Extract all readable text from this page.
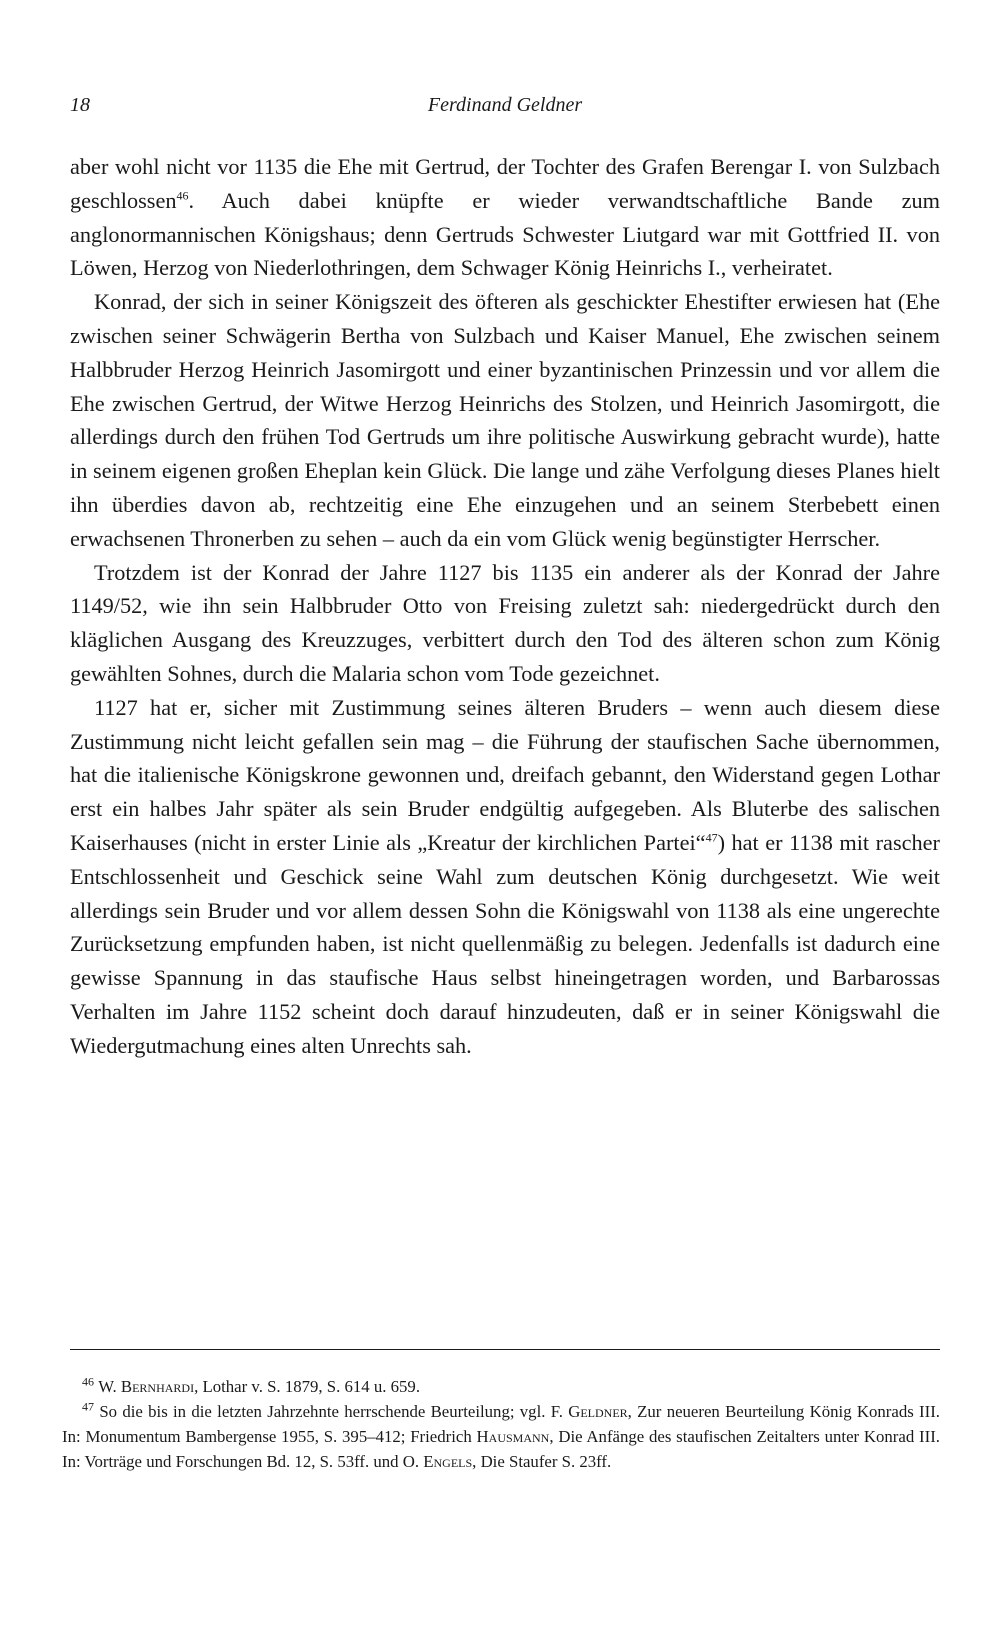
18	Ferdinand Geldner

aber wohl nicht vor 1135 die Ehe mit Gertrud, der Tochter des Grafen Berengar I. von Sulzbach geschlossen$^{46}$. Auch dabei knüpfte er wieder verwandtschaftliche Bande zum anglonormannischen Königshaus; denn Gertruds Schwester Liutgard war mit Gottfried II. von Löwen, Herzog von Niederlothringen, dem Schwager König Heinrichs I., verheiratet.

Konrad, der sich in seiner Königszeit des öfteren als geschickter Ehestifter erwiesen hat (Ehe zwischen seiner Schwägerin Bertha von Sulzbach und Kaiser Manuel, Ehe zwischen seinem Halbbruder Herzog Heinrich Jasomirgott und einer byzantinischen Prinzessin und vor allem die Ehe zwischen Gertrud, der Witwe Herzog Heinrichs des Stolzen, und Heinrich Jasomirgott, die allerdings durch den frühen Tod Gertruds um ihre politische Auswirkung gebracht wurde), hatte in seinem eigenen großen Eheplan kein Glück. Die lange und zähe Verfolgung dieses Planes hielt ihn überdies davon ab, rechtzeitig eine Ehe einzugehen und an seinem Sterbebett einen erwachsenen Thronerben zu sehen – auch da ein vom Glück wenig begünstigter Herrscher.

Trotzdem ist der Konrad der Jahre 1127 bis 1135 ein anderer als der Konrad der Jahre 1149/52, wie ihn sein Halbbruder Otto von Freising zuletzt sah: niedergedrückt durch den kläglichen Ausgang des Kreuzzuges, verbittert durch den Tod des älteren schon zum König gewählten Sohnes, durch die Malaria schon vom Tode gezeichnet.

1127 hat er, sicher mit Zustimmung seines älteren Bruders – wenn auch diesem diese Zustimmung nicht leicht gefallen sein mag – die Führung der staufischen Sache übernommen, hat die italienische Königskrone gewonnen und, dreifach gebannt, den Widerstand gegen Lothar erst ein halbes Jahr später als sein Bruder endgültig aufgegeben. Als Bluterbe des salischen Kaiserhauses (nicht in erster Linie als „Kreatur der kirchlichen Partei“$^{47}$) hat er 1138 mit rascher Entschlossenheit und Geschick seine Wahl zum deutschen König durchgesetzt. Wie weit allerdings sein Bruder und vor allem dessen Sohn die Königswahl von 1138 als eine ungerechte Zurücksetzung empfunden haben, ist nicht quellenmäßig zu belegen. Jedenfalls ist dadurch eine gewisse Spannung in das staufische Haus selbst hineingetragen worden, und Barbarossas Verhalten im Jahre 1152 scheint doch darauf hinzudeuten, daß er in seiner Königswahl die Wiedergutmachung eines alten Unrechts sah.

$^{46}$ W. Bernhardi, Lothar v. S. 1879, S. 614 u. 659.

$^{47}$ So die bis in die letzten Jahrzehnte herrschende Beurteilung; vgl. F. Geldner, Zur neueren Beurteilung König Konrads III. In: Monumentum Bambergense 1955, S. 395–412; Friedrich Hausmann, Die Anfänge des staufischen Zeitalters unter Konrad III. In: Vorträge und Forschungen Bd. 12, S. 53ff. und O. Engels, Die Staufer S. 23ff.
